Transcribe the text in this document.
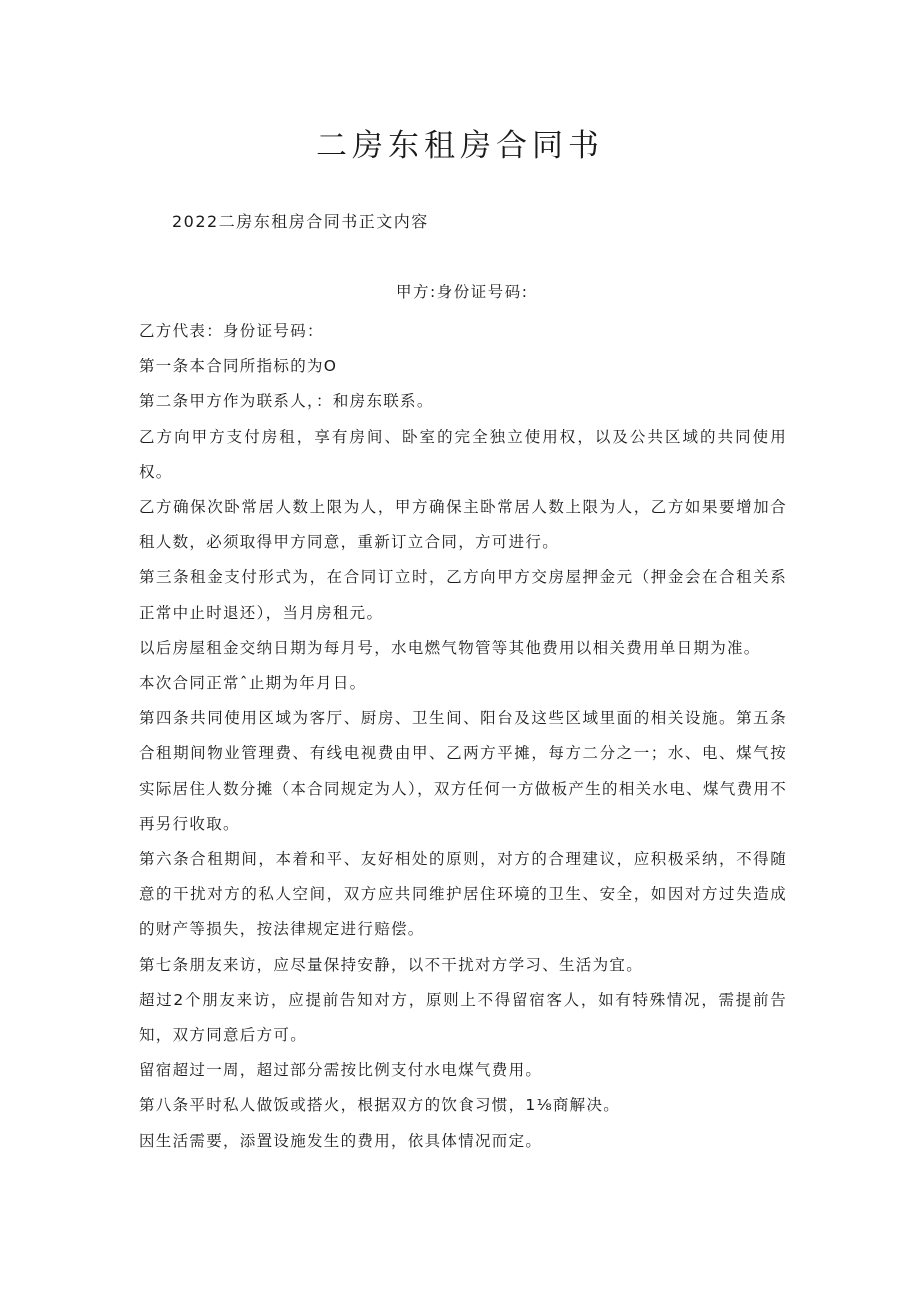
二房东租房合同书
2022二房东租房合同书正文内容
甲方:身份证号码:

乙方代表：身份证号码：

第一条本合同所指标的为O

第二条甲方作为联系人，：和房东联系。

乙方向甲方支付房租，享有房间、卧室的完全独立使用权，以及公共区域的共同使用权。

乙方确保次卧常居人数上限为人，甲方确保主卧常居人数上限为人，乙方如果要增加合租人数，必须取得甲方同意，重新订立合同，方可进行。

第三条租金支付形式为，在合同订立时，乙方向甲方交房屋押金元（押金会在合租关系正常中止时退还），当月房租元。

以后房屋租金交纳日期为每月号，水电燃气物管等其他费用以相关费用单日期为准。

本次合同正常ˆ止期为年月日。

第四条共同使用区域为客厅、厨房、卫生间、阳台及这些区域里面的相关设施。第五条合租期间物业管理费、有线电视费由甲、乙两方平摊，每方二分之一；水、电、煤气按实际居住人数分摊（本合同规定为人），双方任何一方做板产生的相关水电、煤气费用不再另行收取。

第六条合租期间，本着和平、友好相处的原则，对方的合理建议，应积极采纳，不得随意的干扰对方的私人空间，双方应共同维护居住环境的卫生、安全，如因对方过失造成的财产等损失，按法律规定进行赔偿。

第七条朋友来访，应尽量保持安静，以不干扰对方学习、生活为宜。

超过2个朋友来访，应提前告知对方，原则上不得留宿客人，如有特殊情况，需提前告知，双方同意后方可。

留宿超过一周，超过部分需按比例支付水电煤气费用。

第八条平时私人做饭或搭火，根据双方的饮食习惯，1⅛商解决。

因生活需要，添置设施发生的费用，依具体情况而定。
